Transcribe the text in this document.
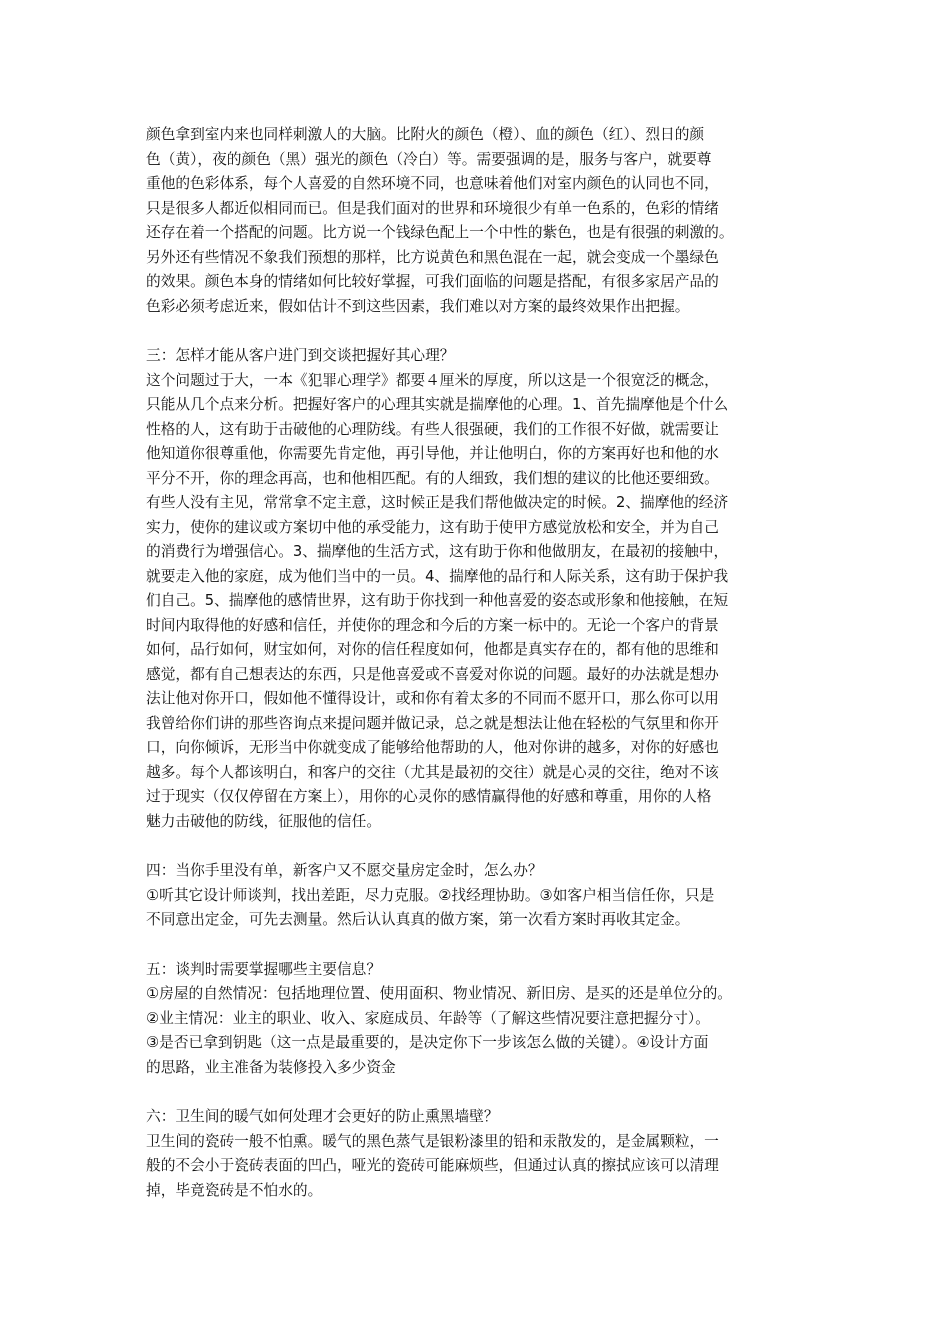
颜色拿到室内来也同样刺激人的大脑。比附火的颜色（橙）、血的颜色（红）、烈日的颜
色（黄），夜的颜色（黑）强光的颜色（冷白）等。需要强调的是，服务与客户，就要尊
重他的色彩体系，每个人喜爱的自然环境不同，也意味着他们对室内颜色的认同也不同，
只是很多人都近似相同而已。但是我们面对的世界和环境很少有单一色系的，色彩的情绪
还存在着一个搭配的问题。比方说一个钱绿色配上一个中性的紫色，也是有很强的刺激的。
另外还有些情况不象我们预想的那样，比方说黄色和黑色混在一起，就会变成一个墨绿色
的效果。颜色本身的情绪如何比较好掌握，可我们面临的问题是搭配，有很多家居产品的
色彩必须考虑近来，假如估计不到这些因素，我们难以对方案的最终效果作出把握。
三：怎样才能从客户进门到交谈把握好其心理？
这个问题过于大，一本《犯罪心理学》都要４厘米的厚度，所以这是一个很宽泛的概念，
只能从几个点来分析。把握好客户的心理其实就是揣摩他的心理。1、首先揣摩他是个什么
性格的人，这有助于击破他的心理防线。有些人很强硬，我们的工作很不好做，就需要让
他知道你很尊重他，你需要先肯定他，再引导他，并让他明白，你的方案再好也和他的水
平分不开，你的理念再高，也和他相匹配。有的人细致，我们想的建议的比他还要细致。
有些人没有主见，常常拿不定主意，这时候正是我们帮他做决定的时候。2、揣摩他的经济
实力，使你的建议或方案切中他的承受能力，这有助于使甲方感觉放松和安全，并为自己
的消费行为增强信心。3、揣摩他的生活方式，这有助于你和他做朋友，在最初的接触中，
就要走入他的家庭，成为他们当中的一员。4、揣摩他的品行和人际关系，这有助于保护我
们自己。5、揣摩他的感情世界，这有助于你找到一种他喜爱的姿态或形象和他接触，在短
时间内取得他的好感和信任，并使你的理念和今后的方案一标中的。无论一个客户的背景
如何，品行如何，财宝如何，对你的信任程度如何，他都是真实存在的，都有他的思维和
感觉，都有自己想表达的东西，只是他喜爱或不喜爱对你说的问题。最好的办法就是想办
法让他对你开口，假如他不懂得设计，或和你有着太多的不同而不愿开口，那么你可以用
我曾给你们讲的那些咨询点来提问题并做记录，总之就是想法让他在轻松的气氛里和你开
口，向你倾诉，无形当中你就变成了能够给他帮助的人，他对你讲的越多，对你的好感也
越多。每个人都该明白，和客户的交往（尤其是最初的交往）就是心灵的交往，绝对不该
过于现实（仅仅停留在方案上），用你的心灵你的感情赢得他的好感和尊重，用你的人格
魅力击破他的防线，征服他的信任。
四：当你手里没有单，新客户又不愿交量房定金时，怎么办？
①听其它设计师谈判，找出差距，尽力克服。②找经理协助。③如客户相当信任你，只是
不同意出定金，可先去测量。然后认认真真的做方案，第一次看方案时再收其定金。
五：谈判时需要掌握哪些主要信息？
①房屋的自然情况：包括地理位置、使用面积、物业情况、新旧房、是买的还是单位分的。
②业主情况：业主的职业、收入、家庭成员、年龄等（了解这些情况要注意把握分寸）。
③是否已拿到钥匙（这一点是最重要的，是决定你下一步该怎么做的关键）。④设计方面
的思路，业主准备为装修投入多少资金
六：卫生间的暖气如何处理才会更好的防止熏黑墙壁？
卫生间的瓷砖一般不怕熏。暖气的黑色蒸气是银粉漆里的铅和汞散发的，是金属颗粒，一
般的不会小于瓷砖表面的凹凸，哑光的瓷砖可能麻烦些，但通过认真的擦拭应该可以清理
掉，毕竟瓷砖是不怕水的。
